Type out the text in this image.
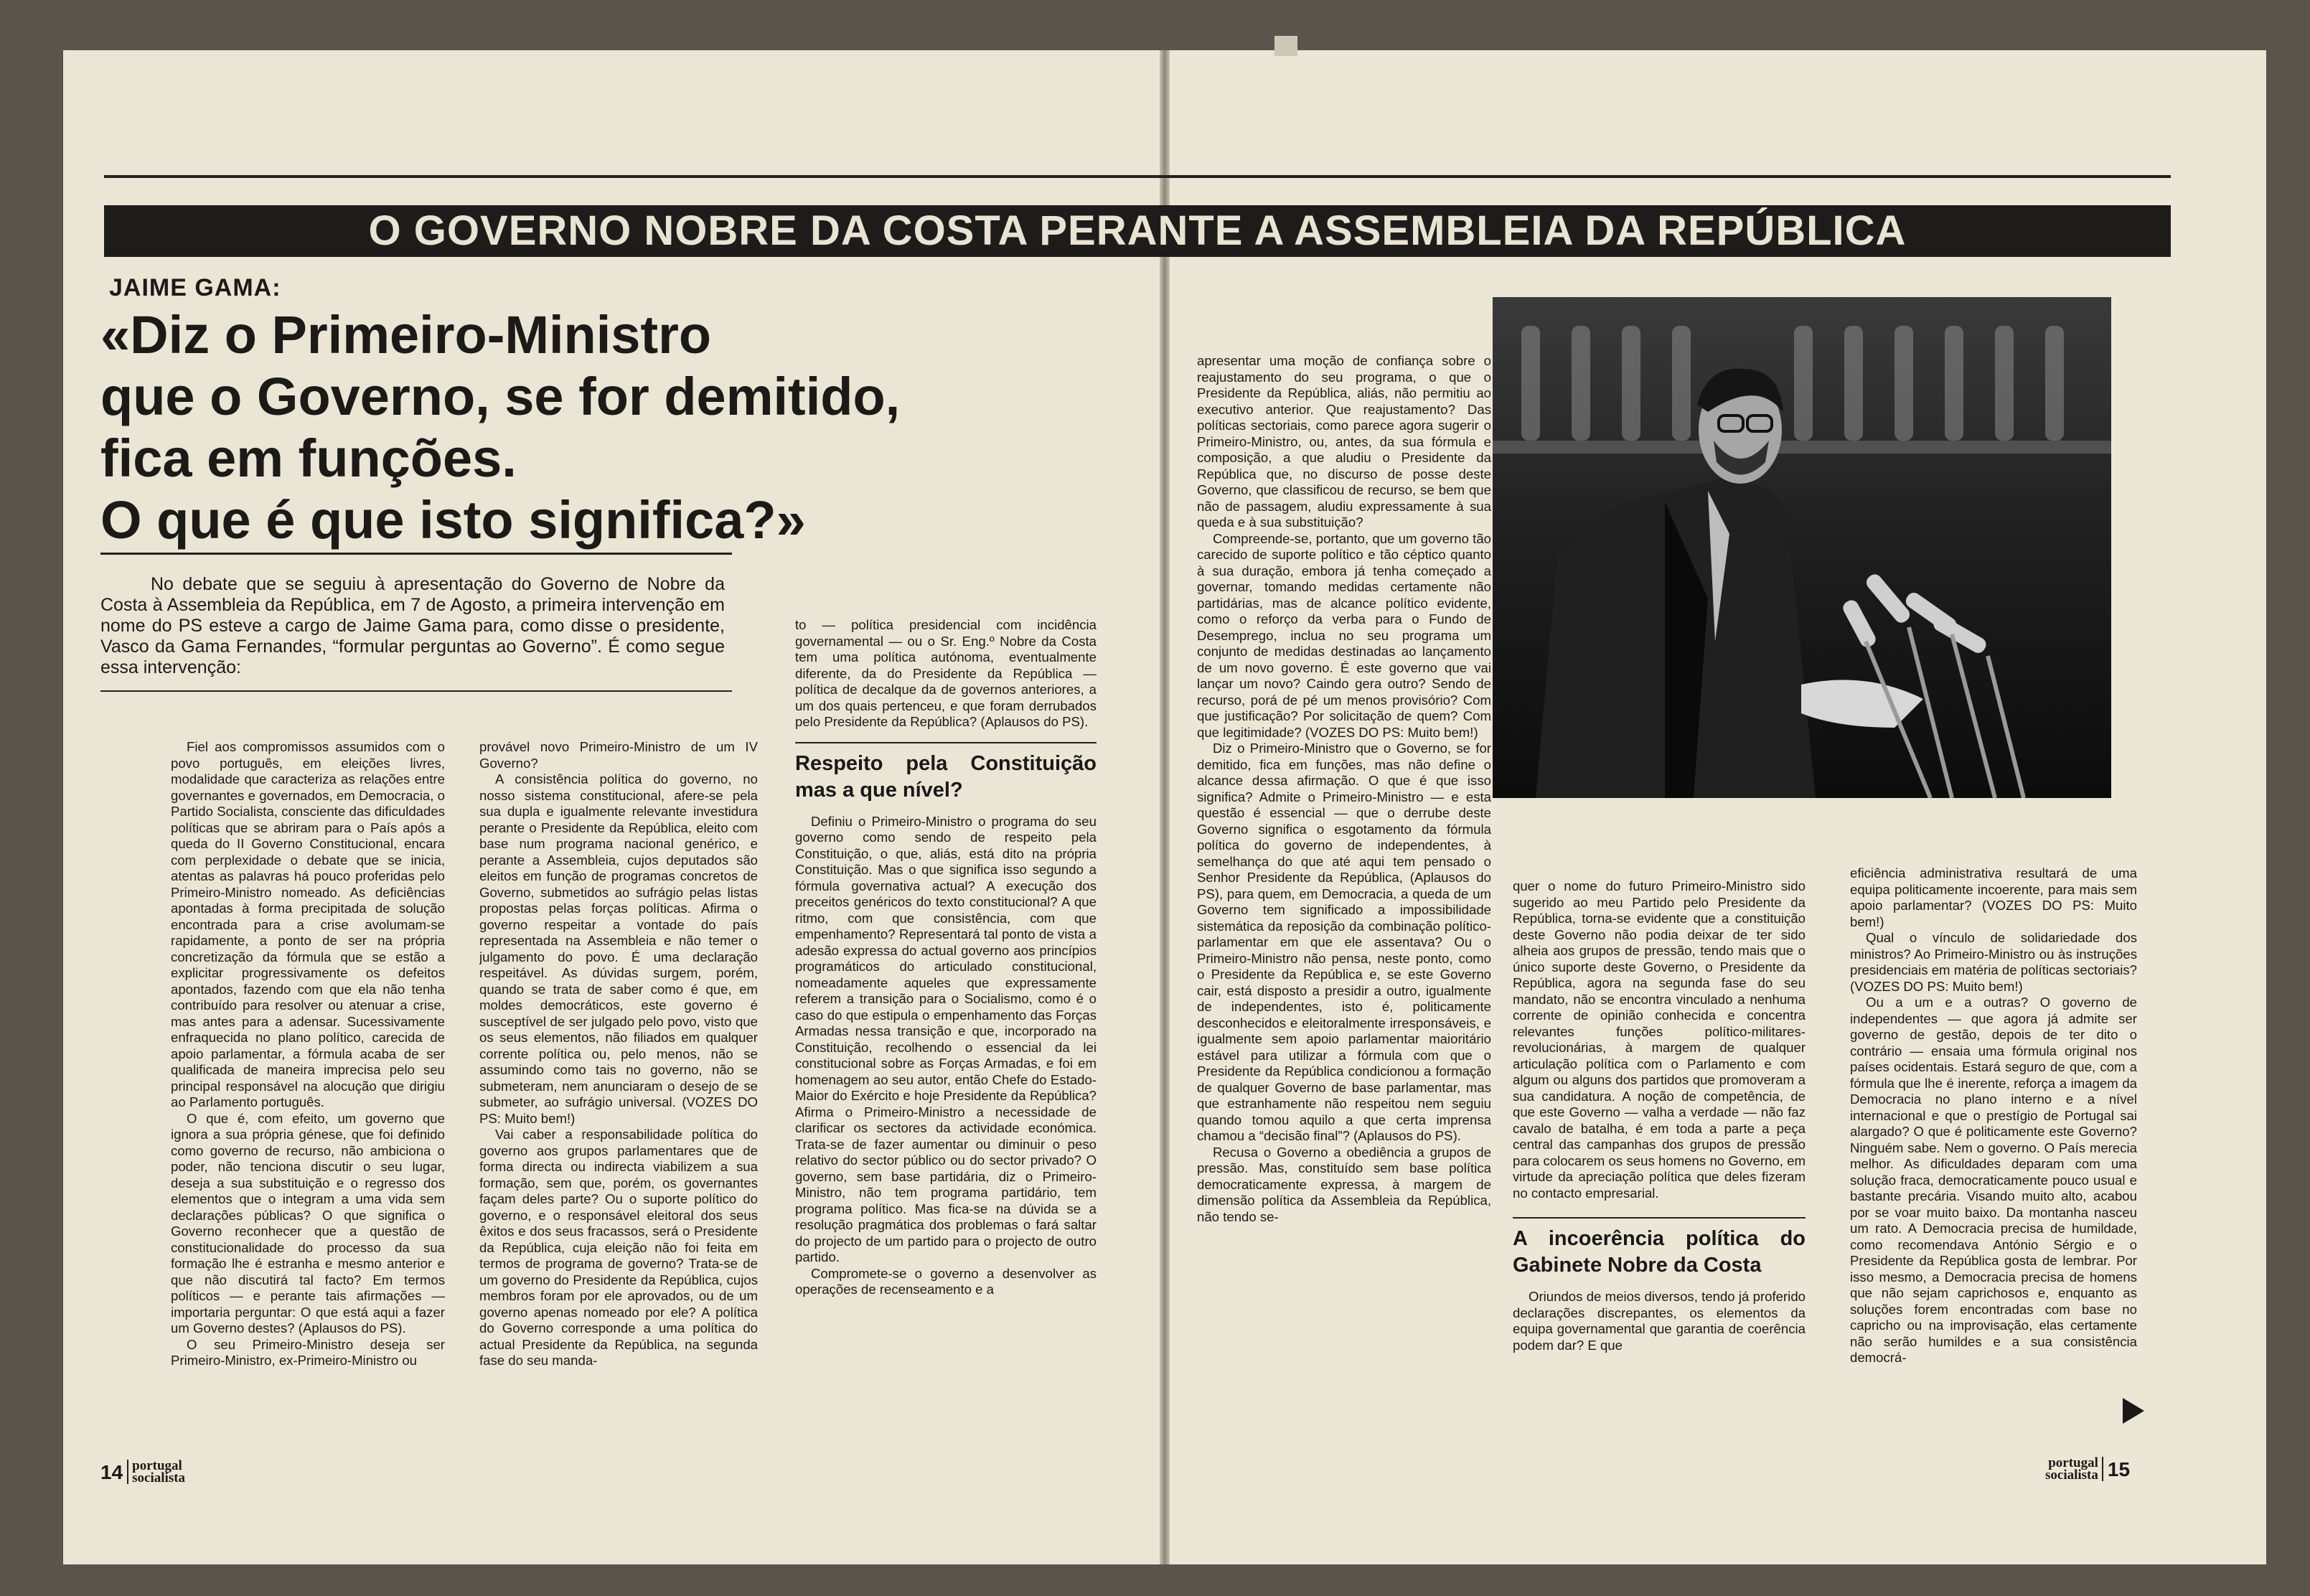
O GOVERNO NOBRE DA COSTA PERANTE A ASSEMBLEIA DA REPÚBLICA
JAIME GAMA:
«Diz o Primeiro-Ministro
que o Governo, se for demitido,
fica em funções.
O que é que isto significa?»
No debate que se seguiu à apresentação do Governo de Nobre da Costa à Assembleia da República, em 7 de Agosto, a primeira intervenção em nome do PS esteve a cargo de Jaime Gama para, como disse o presidente, Vasco da Gama Fernandes, “formular perguntas ao Governo”. É como segue essa intervenção:

Fiel aos compromissos assumidos com o povo português, em eleições livres, modalidade que caracteriza as relações entre governantes e governados, em Democracia, o Partido Socialista, consciente das dificuldades políticas que se abriram para o País após a queda do II Governo Constitucional, encara com perplexidade o debate que se inicia, atentas as palavras há pouco proferidas pelo Primeiro-Ministro nomeado. As deficiências apontadas à forma precipitada de solução encontrada para a crise avolumam-se rapidamente, a ponto de ser na própria concretização da fórmula que se estão a explicitar progressivamente os defeitos apontados, fazendo com que ela não tenha contribuído para resolver ou atenuar a crise, mas antes para a adensar. Sucessivamente enfraquecida no plano político, carecida de apoio parlamentar, a fórmula acaba de ser qualificada de maneira imprecisa pelo seu principal responsável na alocução que dirigiu ao Parlamento português.

O que é, com efeito, um governo que ignora a sua própria génese, que foi definido como governo de recurso, não ambiciona o poder, não tenciona discutir o seu lugar, deseja a sua substituição e o regresso dos elementos que o integram a uma vida sem declarações públicas? O que significa o Governo reconhecer que a questão de constitucionalidade do processo da sua formação lhe é estranha e mesmo anterior e que não discutirá tal facto? Em termos políticos — e perante tais afirmações — importaria perguntar: O que está aqui a fazer um Governo destes? (Aplausos do PS).

O seu Primeiro-Ministro deseja ser Primeiro-Ministro, ex-Primeiro-Ministro ou

provável novo Primeiro-Ministro de um IV Governo?

A consistência política do governo, no nosso sistema constitucional, afere-se pela sua dupla e igualmente relevante investidura perante o Presidente da República, eleito com base num programa nacional genérico, e perante a Assembleia, cujos deputados são eleitos em função de programas concretos de Governo, submetidos ao sufrágio pelas listas propostas pelas forças políticas. Afirma o governo respeitar a vontade do país representada na Assembleia e não temer o julgamento do povo. É uma declaração respeitável. As dúvidas surgem, porém, quando se trata de saber como é que, em moldes democráticos, este governo é susceptível de ser julgado pelo povo, visto que os seus elementos, não filiados em qualquer corrente política ou, pelo menos, não se assumindo como tais no governo, não se submeteram, nem anunciaram o desejo de se submeter, ao sufrágio universal. (VOZES DO PS: Muito bem!)

Vai caber a responsabilidade política do governo aos grupos parlamentares que de forma directa ou indirecta viabilizem a sua formação, sem que, porém, os governantes façam deles parte? Ou o suporte político do governo, e o responsável eleitoral dos seus êxitos e dos seus fracassos, será o Presidente da República, cuja eleição não foi feita em termos de programa de governo? Trata-se de um governo do Presidente da República, cujos membros foram por ele aprovados, ou de um governo apenas nomeado por ele? A política do Governo corresponde a uma política do actual Presidente da República, na segunda fase do seu manda-

to — política presidencial com incidência governamental — ou o Sr. Eng.º Nobre da Costa tem uma política autónoma, eventualmente diferente, da do Presidente da República — política de decalque da de governos anteriores, a um dos quais pertenceu, e que foram derrubados pelo Presidente da República? (Aplausos do PS).

Respeito pela Constituição mas a que nível?

Definiu o Primeiro-Ministro o programa do seu governo como sendo de respeito pela Constituição, o que, aliás, está dito na própria Constituição. Mas o que significa isso segundo a fórmula governativa actual? A execução dos preceitos genéricos do texto constitucional? A que ritmo, com que consistência, com que empenhamento? Representará tal ponto de vista a adesão expressa do actual governo aos princípios programáticos do articulado constitucional, nomeadamente aqueles que expressamente referem a transição para o Socialismo, como é o caso do que estipula o empenhamento das Forças Armadas nessa transição e que, incorporado na Constituição, recolhendo o essencial da lei constitucional sobre as Forças Armadas, e foi em homenagem ao seu autor, então Chefe do Estado-Maior do Exército e hoje Presidente da República? Afirma o Primeiro-Ministro a necessidade de clarificar os sectores da actividade económica. Trata-se de fazer aumentar ou diminuir o peso relativo do sector público ou do sector privado? O governo, sem base partidária, diz o Primeiro-Ministro, não tem programa partidário, tem programa político. Mas fica-se na dúvida se a resolução pragmática dos problemas o fará saltar do projecto de um partido para o projecto de outro partido.

Compromete-se o governo a desenvolver as operações de recenseamento e a

apresentar uma moção de confiança sobre o reajustamento do seu programa, o que o Presidente da República, aliás, não permitiu ao executivo anterior. Que reajustamento? Das políticas sectoriais, como parece agora sugerir o Primeiro-Ministro, ou, antes, da sua fórmula e composição, a que aludiu o Presidente da República que, no discurso de posse deste Governo, que classificou de recurso, se bem que não de passagem, aludiu expressamente à sua queda e à sua substituição?

Compreende-se, portanto, que um governo tão carecido de suporte político e tão céptico quanto à sua duração, embora já tenha começado a governar, tomando medidas certamente não partidárias, mas de alcance político evidente, como o reforço da verba para o Fundo de Desemprego, inclua no seu programa um conjunto de medidas destinadas ao lançamento de um novo governo. É este governo que vai lançar um novo? Caindo gera outro? Sendo de recurso, porá de pé um menos provisório? Com que justificação? Por solicitação de quem? Com que legitimidade? (VOZES DO PS: Muito bem!)

Diz o Primeiro-Ministro que o Governo, se for demitido, fica em funções, mas não define o alcance dessa afirmação. O que é que isso significa? Admite o Primeiro-Ministro — e esta questão é essencial — que o derrube deste Governo significa o esgotamento da fórmula política do governo de independentes, à semelhança do que até aqui tem pensado o Senhor Presidente da República, (Aplausos do PS), para quem, em Democracia, a queda de um Governo tem significado a impossibilidade sistemática da reposição da combinação político-parlamentar em que ele assentava? Ou o Primeiro-Ministro não pensa, neste ponto, como o Presidente da República e, se este Governo cair, está disposto a presidir a outro, igualmente de independentes, isto é, politicamente desconhecidos e eleitoralmente irresponsáveis, e igualmente sem apoio parlamentar maioritário estável para utilizar a fórmula com que o Presidente da República condicionou a formação de qualquer Governo de base parlamentar, mas que estranhamente não respeitou nem seguiu quando tomou aquilo a que certa imprensa chamou a “decisão final”? (Aplausos do PS).

Recusa o Governo a obediência a grupos de pressão. Mas, constituído sem base política democraticamente expressa, à margem de dimensão política da Assembleia da República, não tendo se-

quer o nome do futuro Primeiro-Ministro sido sugerido ao meu Partido pelo Presidente da República, torna-se evidente que a constituição deste Governo não podia deixar de ter sido alheia aos grupos de pressão, tendo mais que o único suporte deste Governo, o Presidente da República, agora na segunda fase do seu mandato, não se encontra vinculado a nenhuma corrente de opinião conhecida e concentra relevantes funções político-militares-revolucionárias, à margem de qualquer articulação política com o Parlamento e com algum ou alguns dos partidos que promoveram a sua candidatura. A noção de competência, de que este Governo — valha a verdade — não faz cavalo de batalha, é em toda a parte a peça central das campanhas dos grupos de pressão para colocarem os seus homens no Governo, em virtude da apreciação política que deles fizeram no contacto empresarial.

A incoerência política do Gabinete Nobre da Costa

Oriundos de meios diversos, tendo já proferido declarações discrepantes, os elementos da equipa governamental que garantia de coerência podem dar? E que

eficiência administrativa resultará de uma equipa politicamente incoerente, para mais sem apoio parlamentar? (VOZES DO PS: Muito bem!)

Qual o vínculo de solidariedade dos ministros? Ao Primeiro-Ministro ou às instruções presidenciais em matéria de políticas sectoriais? (VOZES DO PS: Muito bem!)

Ou a um e a outras? O governo de independentes — que agora já admite ser governo de gestão, depois de ter dito o contrário — ensaia uma fórmula original nos países ocidentais. Estará seguro de que, com a fórmula que lhe é inerente, reforça a imagem da Democracia no plano interno e a nível internacional e que o prestígio de Portugal sai alargado? O que é politicamente este Governo? Ninguém sabe. Nem o governo. O País merecia melhor. As dificuldades deparam com uma solução fraca, democraticamente pouco usual e bastante precária. Visando muito alto, acabou por se voar muito baixo. Da montanha nasceu um rato. A Democracia precisa de humildade, como recomendava António Sérgio e o Presidente da República gosta de lembrar. Por isso mesmo, a Democracia precisa de homens que não sejam caprichosos e, enquanto as soluções forem encontradas com base no capricho ou na improvisação, elas certamente não serão humildes e a sua consistência democrá-

14 portugal
socialista
portugal
socialista 15
